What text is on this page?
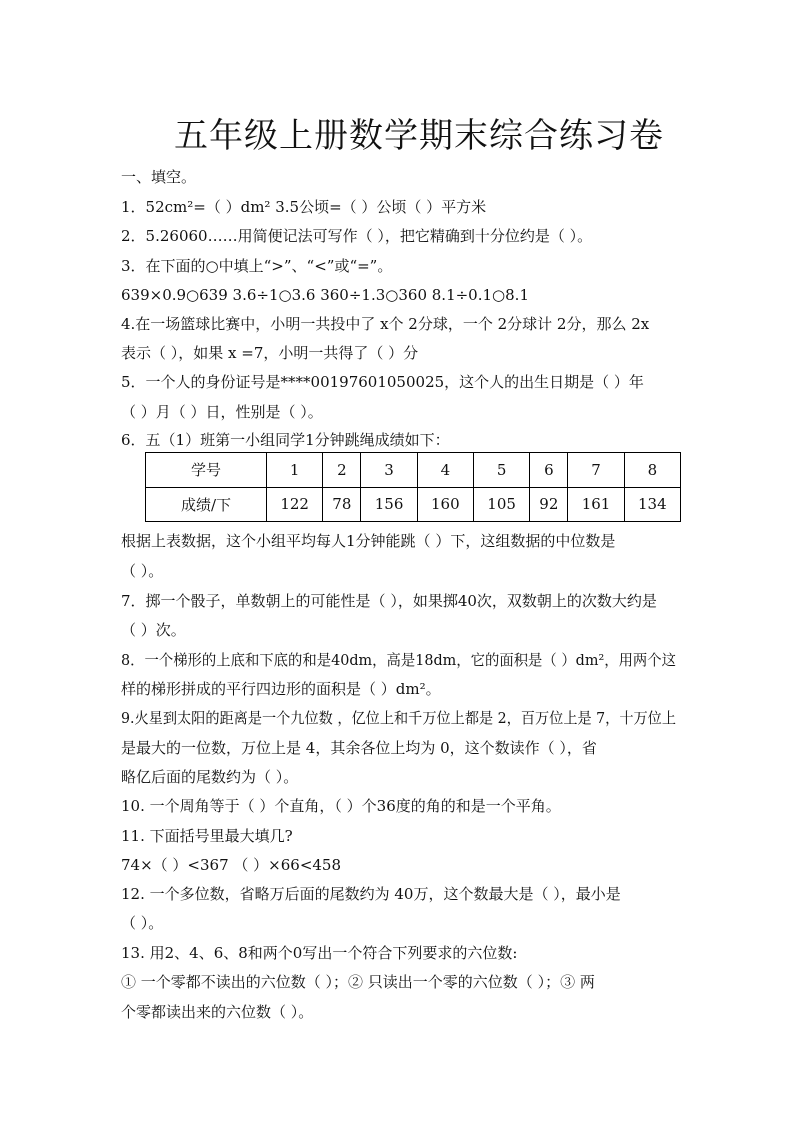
五年级上册数学期末综合练习卷
一、填空。
1．52cm²=（ ）dm² 3.5公顷=（ ）公顷（ ）平方米
2．5.26060……用简便记法可写作（ ），把它精确到十分位约是（ ）。
3．在下面的○中填上“>”、“<”或“=”。
639×0.9○639 3.6÷1○3.6 360÷1.3○360 8.1÷0.1○8.1
4.在一场篮球比赛中，小明一共投中了 x个 2分球，一个 2分球计 2分，那么 2x
表示（ ），如果 x =7，小明一共得了（ ）分
5．一个人的身份证号是****00197601050025，这个人的出生日期是（ ）年
（ ）月（ ）日，性别是（ ）。
6．五（1）班第一小组同学1分钟跳绳成绩如下：
学号	1	2	3	4	5	6	7	8
成绩/下	122	78	156	160	105	92	161	134
根据上表数据，这个小组平均每人1分钟能跳（ ）下，这组数据的中位数是
（ ）。
7．掷一个骰子，单数朝上的可能性是（ ），如果掷40次，双数朝上的次数大约是
（ ）次。
8．一个梯形的上底和下底的和是40dm，高是18dm，它的面积是（ ）dm²，用两个这
样的梯形拼成的平行四边形的面积是（ ）dm²。
9.火星到太阳的距离是一个九位数 ，亿位上和千万位上都是 2，百万位上是 7，十万位上
是最大的一位数，万位上是 4，其余各位上均为 0，这个数读作（ ），省
略亿后面的尾数约为（ ）。
10. 一个周角等于（ ）个直角，（ ）个36度的角的和是一个平角。
11. 下面括号里最大填几?
74×（ ）<367 （ ）×66<458
12. 一个多位数，省略万后面的尾数约为 40万，这个数最大是（ ），最小是
（ ）。
13. 用2、4、6、8和两个0写出一个符合下列要求的六位数:
① 一个零都不读出的六位数（ ）；② 只读出一个零的六位数（ ）；③ 两
个零都读出来的六位数（ ）。
